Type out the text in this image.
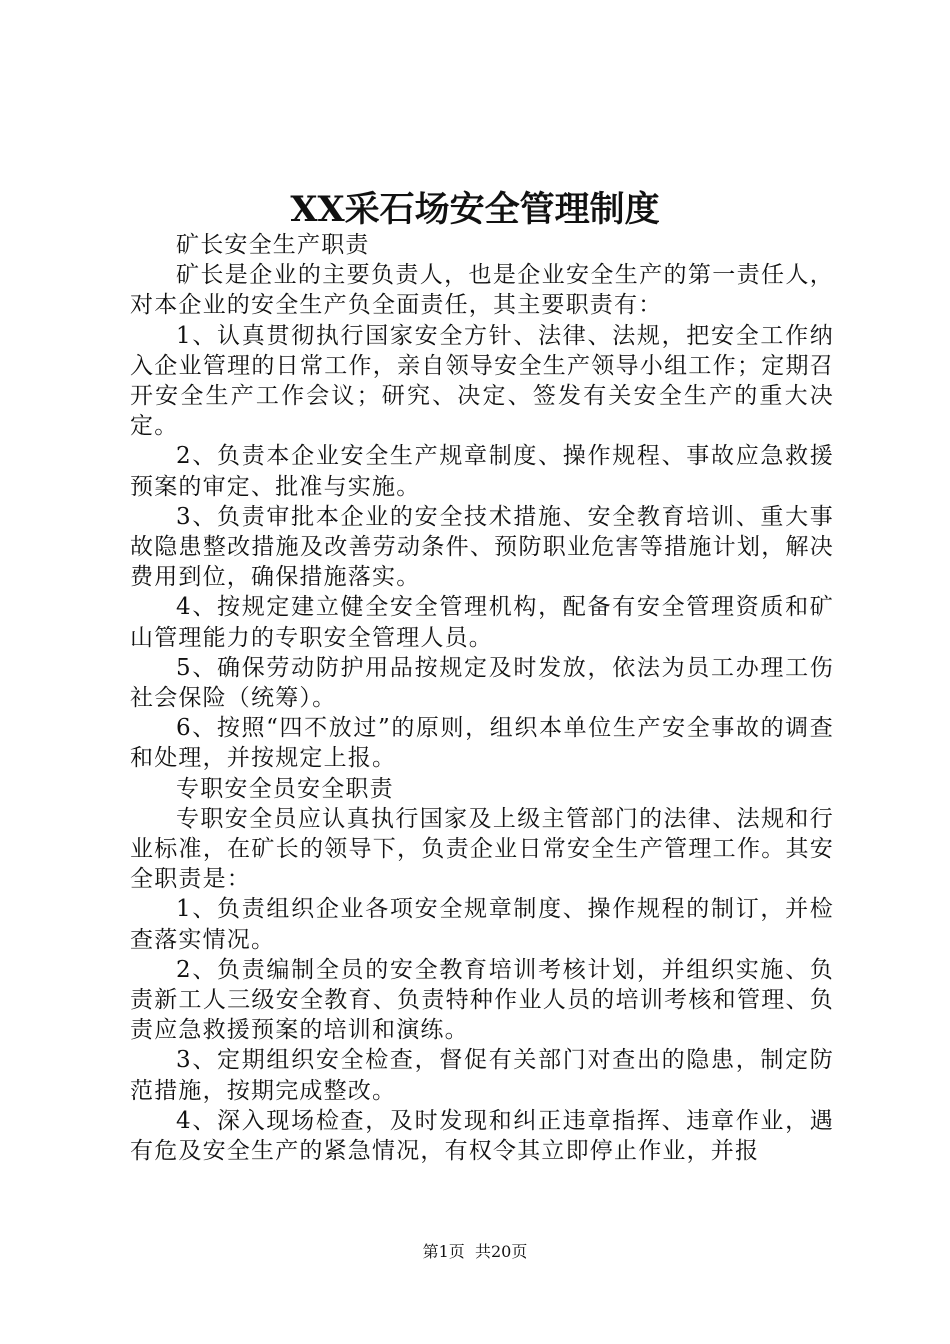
XX采石场安全管理制度

矿长安全生产职责

矿长是企业的主要负责人，也是企业安全生产的第一责任人，对本企业的安全生产负全面责任，其主要职责有：

1、认真贯彻执行国家安全方针、法律、法规，把安全工作纳入企业管理的日常工作，亲自领导安全生产领导小组工作；定期召开安全生产工作会议；研究、决定、签发有关安全生产的重大决定。

2、负责本企业安全生产规章制度、操作规程、事故应急救援预案的审定、批准与实施。

3、负责审批本企业的安全技术措施、安全教育培训、重大事故隐患整改措施及改善劳动条件、预防职业危害等措施计划，解决费用到位，确保措施落实。

4、按规定建立健全安全管理机构，配备有安全管理资质和矿山管理能力的专职安全管理人员。

5、确保劳动防护用品按规定及时发放，依法为员工办理工伤社会保险（统筹）。

6、按照“四不放过”的原则，组织本单位生产安全事故的调查和处理，并按规定上报。

专职安全员安全职责

专职安全员应认真执行国家及上级主管部门的法律、法规和行业标准，在矿长的领导下，负责企业日常安全生产管理工作。其安全职责是：

1、负责组织企业各项安全规章制度、操作规程的制订，并检查落实情况。

2、负责编制全员的安全教育培训考核计划，并组织实施、负责新工人三级安全教育、负责特种作业人员的培训考核和管理、负责应急救援预案的培训和演练。

3、定期组织安全检查，督促有关部门对查出的隐患，制定防范措施，按期完成整改。

4、深入现场检查，及时发现和纠正违章指挥、违章作业，遇有危及安全生产的紧急情况，有权令其立即停止作业，并报

第1页 共20页
